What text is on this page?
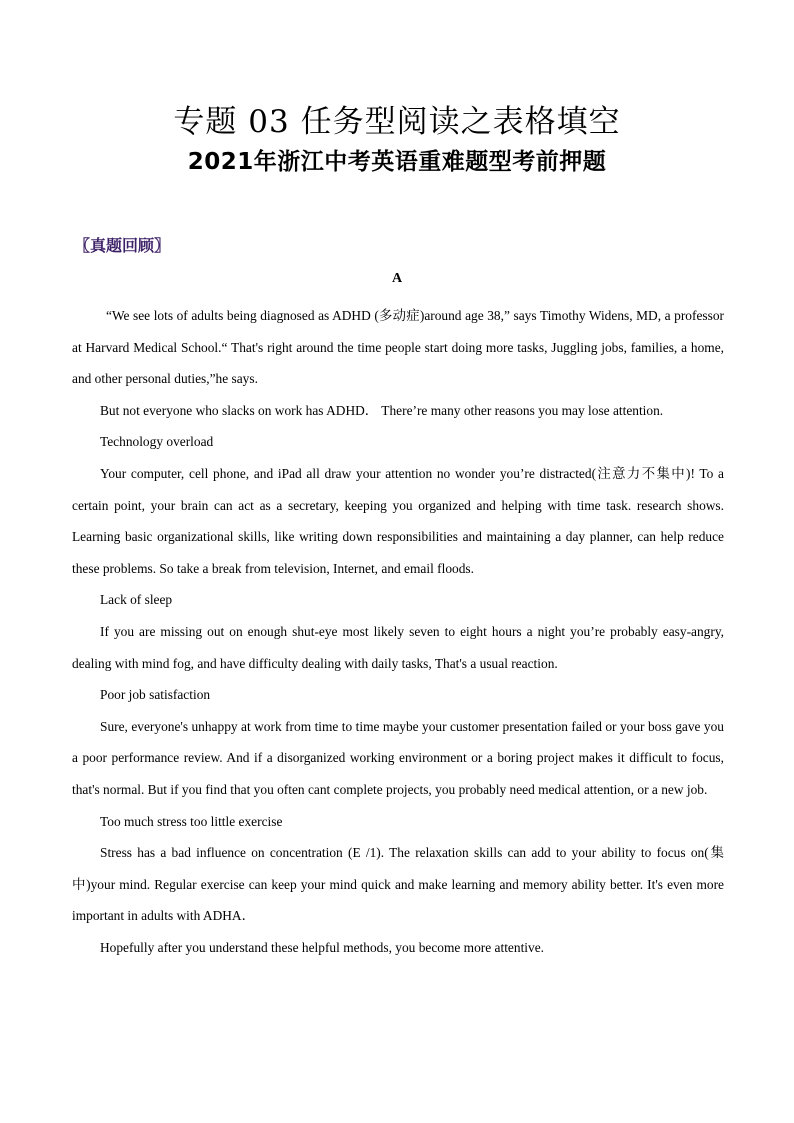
专题 03 任务型阅读之表格填空
2021年浙江中考英语重难题型考前押题
〖真题回顾〗
A

“We see lots of adults being diagnosed as ADHD (多动症)around age 38,” says Timothy Widens, MD, a professor at Harvard Medical School.“ That's right around the time people start doing more tasks, Juggling jobs, families, a home, and other personal duties,”he says.

But not everyone who slacks on work has ADHD． There’re many other reasons you may lose attention.

Technology overload

Your computer, cell phone, and iPad all draw your attention no wonder you’re distracted(注意力不集中)! To a certain point, your brain can act as a secretary, keeping you organized and helping with time task. research shows. Learning basic organizational skills, like writing down responsibilities and maintaining a day planner, can help reduce these problems. So take a break from television, Internet, and email floods.

Lack of sleep

If you are missing out on enough shut-eye most likely seven to eight hours a night you’re probably easy-angry, dealing with mind fog, and have difficulty dealing with daily tasks, That's a usual reaction.

Poor job satisfaction

Sure, everyone's unhappy at work from time to time maybe your customer presentation failed or your boss gave you a poor performance review. And if a disorganized working environment or a boring project makes it difficult to focus, that's normal. But if you find that you often cant complete projects, you probably need medical attention, or a new job.

Too much stress too little exercise

Stress has a bad influence on concentration (E /1). The relaxation skills can add to your ability to focus on(集中)your mind. Regular exercise can keep your mind quick and make learning and memory ability better. It's even more important in adults with ADHA．

Hopefully after you understand these helpful methods, you become more attentive.
